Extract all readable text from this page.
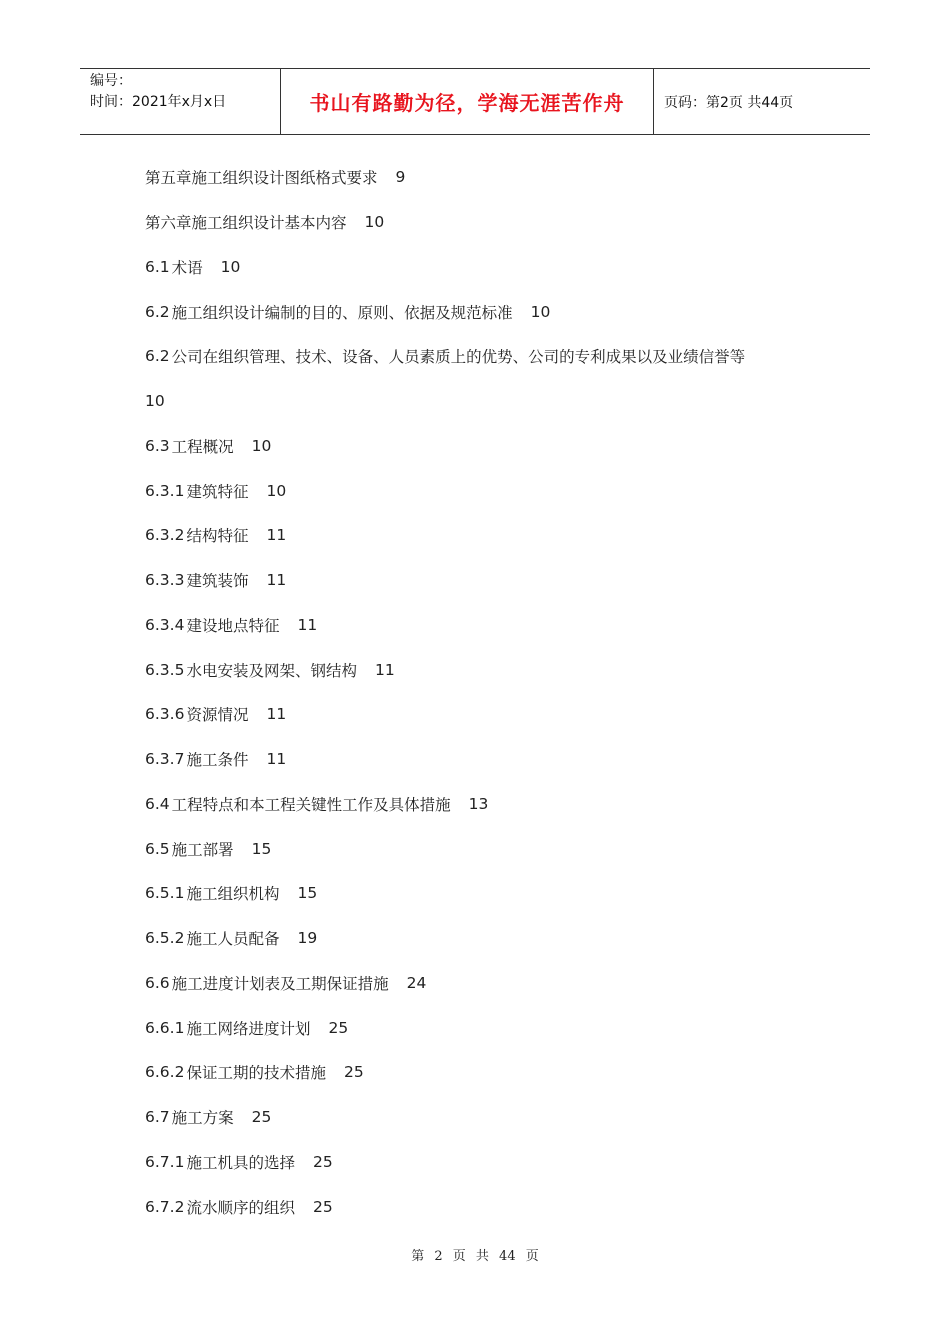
编号：
时间：2021年x月x日	书山有路勤为径，学海无涯苦作舟	页码：第2页 共44页
第五章施工组织设计图纸格式要求 9
第六章施工组织设计基本内容 10
6.1 术语 10
6.2 施工组织设计编制的目的、原则、依据及规范标准 10
6.2 公司在组织管理、技术、设备、人员素质上的优势、公司的专利成果以及业绩信誉等
10
6.3 工程概况 10
6.3.1 建筑特征 10
6.3.2 结构特征 11
6.3.3 建筑装饰 11
6.3.4 建设地点特征 11
6.3.5 水电安装及网架、钢结构 11
6.3.6 资源情况 11
6.3.7 施工条件 11
6.4 工程特点和本工程关键性工作及具体措施 13
6.5 施工部署 15
6.5.1 施工组织机构 15
6.5.2 施工人员配备 19
6.6 施工进度计划表及工期保证措施 24
6.6.1 施工网络进度计划 25
6.6.2 保证工期的技术措施 25
6.7 施工方案 25
6.7.1 施工机具的选择 25
6.7.2 流水顺序的组织 25
第 2 页 共 44 页
